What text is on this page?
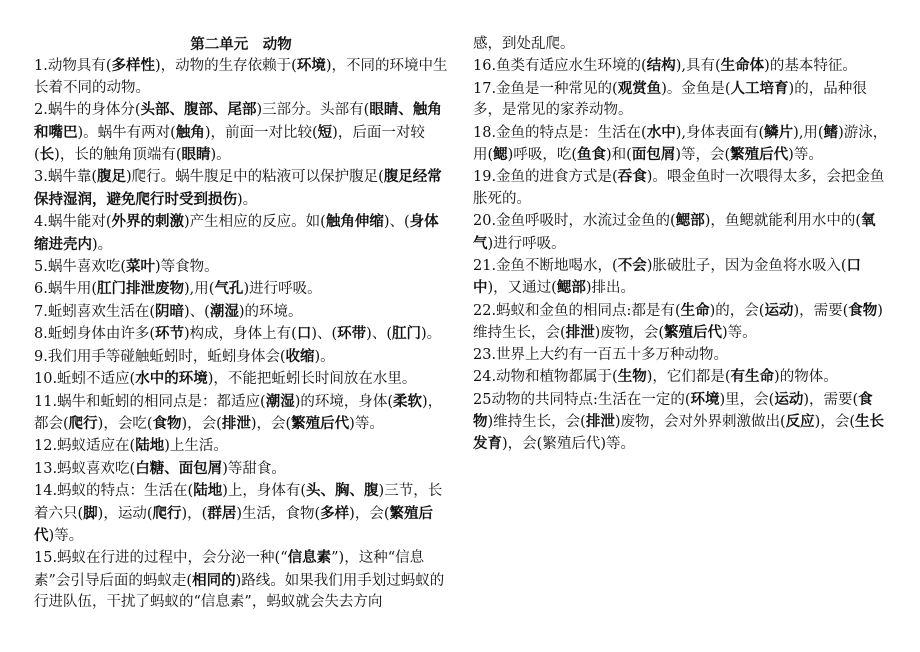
第二单元　动物

1.动物具有(多样性)，动物的生存依赖于(环境)，不同的环境中生长着不同的动物。

2.蜗牛的身体分(头部、腹部、尾部)三部分。头部有(眼睛、触角和嘴巴)。蜗牛有两对(触角)，前面一对比较(短)，后面一对较(长)，长的触角顶端有(眼睛)。

3.蜗牛靠(腹足)爬行。蜗牛腹足中的粘液可以保护腹足(腹足经常保持湿润，避免爬行时受到损伤)。

4.蜗牛能对(外界的刺激)产生相应的反应。如(触角伸缩)、(身体缩进壳内)。

5.蜗牛喜欢吃(菜叶)等食物。

6.蜗牛用(肛门排泄废物),用(气孔)进行呼吸。

7.蚯蚓喜欢生活在(阴暗)、(潮湿)的环境。

8.蚯蚓身体由许多(环节)构成，身体上有(口)、(环带)、(肛门)。

9.我们用手等碰触蚯蚓时，蚯蚓身体会(收缩)。

10.蚯蚓不适应(水中的环境)，不能把蚯蚓长时间放在水里。

11.蜗牛和蚯蚓的相同点是：都适应(潮湿)的环境，身体(柔软)，都会(爬行)，会吃(食物)，会(排泄)，会(繁殖后代)等。

12.蚂蚁适应在(陆地)上生活。

13.蚂蚁喜欢吃(白糖、面包屑)等甜食。

14.蚂蚁的特点：生活在(陆地)上，身体有(头、胸、腹)三节，长着六只(脚)，运动(爬行)，(群居)生活，食物(多样)，会(繁殖后代)等。

15.蚂蚁在行进的过程中，会分泌一种(“信息素”)，这种“信息素”会引导后面的蚂蚁走(相同的)路线。如果我们用手划过蚂蚁的行进队伍，干扰了蚂蚁的“信息素”，蚂蚁就会失去方向

感，到处乱爬。

16.鱼类有适应水生环境的(结构),具有(生命体)的基本特征。

17.金鱼是一种常见的(观赏鱼)。金鱼是(人工培育)的，品种很多，是常见的家养动物。

18.金鱼的特点是：生活在(水中),身体表面有(鳞片),用(鳍)游泳，用(鳃)呼吸，吃(鱼食)和(面包屑)等，会(繁殖后代)等。

19.金鱼的进食方式是(吞食)。喂金鱼时一次喂得太多，会把金鱼胀死的。

20.金鱼呼吸时，水流过金鱼的(鳃部)，鱼鳃就能利用水中的(氧气)进行呼吸。

21.金鱼不断地喝水，(不会)胀破肚子，因为金鱼将水吸入(口中)，又通过(鳃部)排出。

22.蚂蚁和金鱼的相同点:都是有(生命)的，会(运动)，需要(食物)维持生长，会(排泄)废物，会(繁殖后代)等。

23.世界上大约有一百五十多万种动物。

24.动物和植物都属于(生物)，它们都是(有生命)的物体。

25动物的共同特点:生活在一定的(环境)里，会(运动)，需要(食物)维持生长，会(排泄)废物，会对外界刺激做出(反应)，会(生长发育)，会(繁殖后代)等。
